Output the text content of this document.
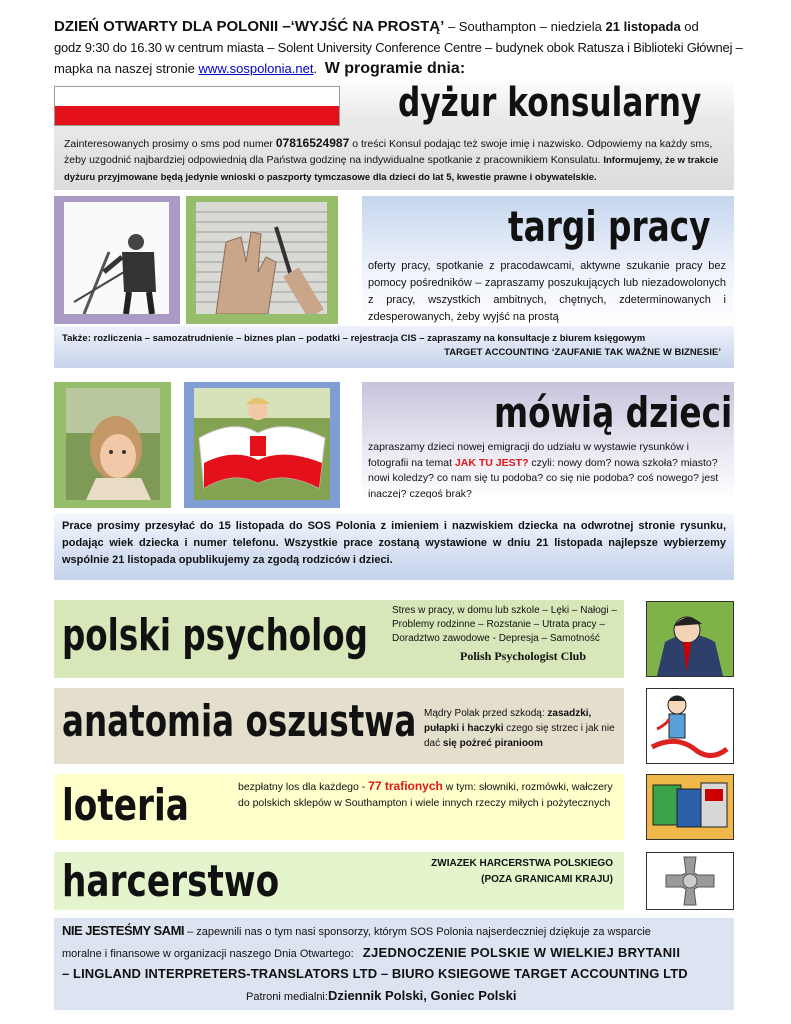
DZIEŃ OTWARTY DLA POLONII –‘WYJŚĆ NA PROSTĄ’ – Southampton – niedziela 21 listopada od
godz 9:30 do 16.30 w centrum miasta – Solent University Conference Centre – budynek obok Ratusza i Biblioteki Głównej –
mapka na naszej stronie www.sospolonia.net. W programie dnia:
dyżur konsularny
Zainteresowanych prosimy o sms pod numer 07816524987 o treści Konsul podając też swoje imię i nazwisko. Odpowiemy na każdy sms, żeby uzgodnić najbardziej odpowiednią dla Państwa godzinę na indywidualne spotkanie z pracownikiem Konsulatu. Informujemy, że w trakcie dyżuru przyjmowane będą jedynie wnioski o paszporty tymczasowe dla dzieci do lat 5, kwestie prawne i obywatelskie.
targi pracy
oferty pracy, spotkanie z pracodawcami, aktywne szukanie pracy bez pomocy pośredników – zapraszamy poszukujących lub niezadowolonych z pracy, wszystkich ambitnych, chętnych, zdeterminowanych i zdesperowanych, żeby wyjść na prostą
Także: rozliczenia – samozatrudnienie – biznes plan – podatki – rejestracja CIS – zapraszamy na konsultacje z biurem księgowym
TARGET ACCOUNTING ‘ZAUFANIE TAK WAŻNE W BIZNESIE’
mówią dzieci
zapraszamy dzieci nowej emigracji do udziału w wystawie rysunków i fotografii na temat JAK TU JEST? czyli: nowy dom? nowa szkoła? miasto? nowi koledzy? co nam się tu podoba? co się nie podoba? coś nowego? jest inaczej? czegoś brak?
Prace prosimy przesyłać do 15 listopada do SOS Polonia z imieniem i nazwiskiem dziecka na odwrotnej stronie rysunku, podając wiek dziecka i numer telefonu. Wszystkie prace zostaną wystawione w dniu 21 listopada najlepsze wybierzemy wspólnie 21 listopada opublikujemy za zgodą rodziców i dzieci.
polski psycholog	Stres w pracy, w domu lub szkole – Lęki – Nałogi – Problemy rodzinne – Rozstanie – Utrata pracy – Doradztwo zawodowe - Depresja – Samotność
Polish Psychologist Club
anatomia oszustwa Mądry Polak przed szkodą: zasadzki, pułapki i haczyki czego się strzec i jak nie dać się pożreć piranioom
loteria	bezpłatny los dla każdego - 77 trafionych w tym: słowniki, rozmówki, wałczery do polskich sklepów w Southampton i wiele innych rzeczy miłych i pożytecznych
harcerstwo	ZWIAZEK HARCERSTWA POLSKIEGO
(POZA GRANICAMI KRAJU)
NIE JESTEŚMY SAMI – zapewnili nas o tym nasi sponsorzy, którym SOS Polonia najserdeczniej dziękuje za wsparcie
moralne i finansowe w organizacji naszego Dnia Otwartego: ZJEDNOCZENIE POLSKIE W WIELKIEJ BRYTANII
– LINGLAND INTERPRETERS-TRANSLATORS LTD – BIURO KSIEGOWE TARGET ACCOUNTING LTD
Patroni medialni:Dziennik Polski, Goniec Polski
